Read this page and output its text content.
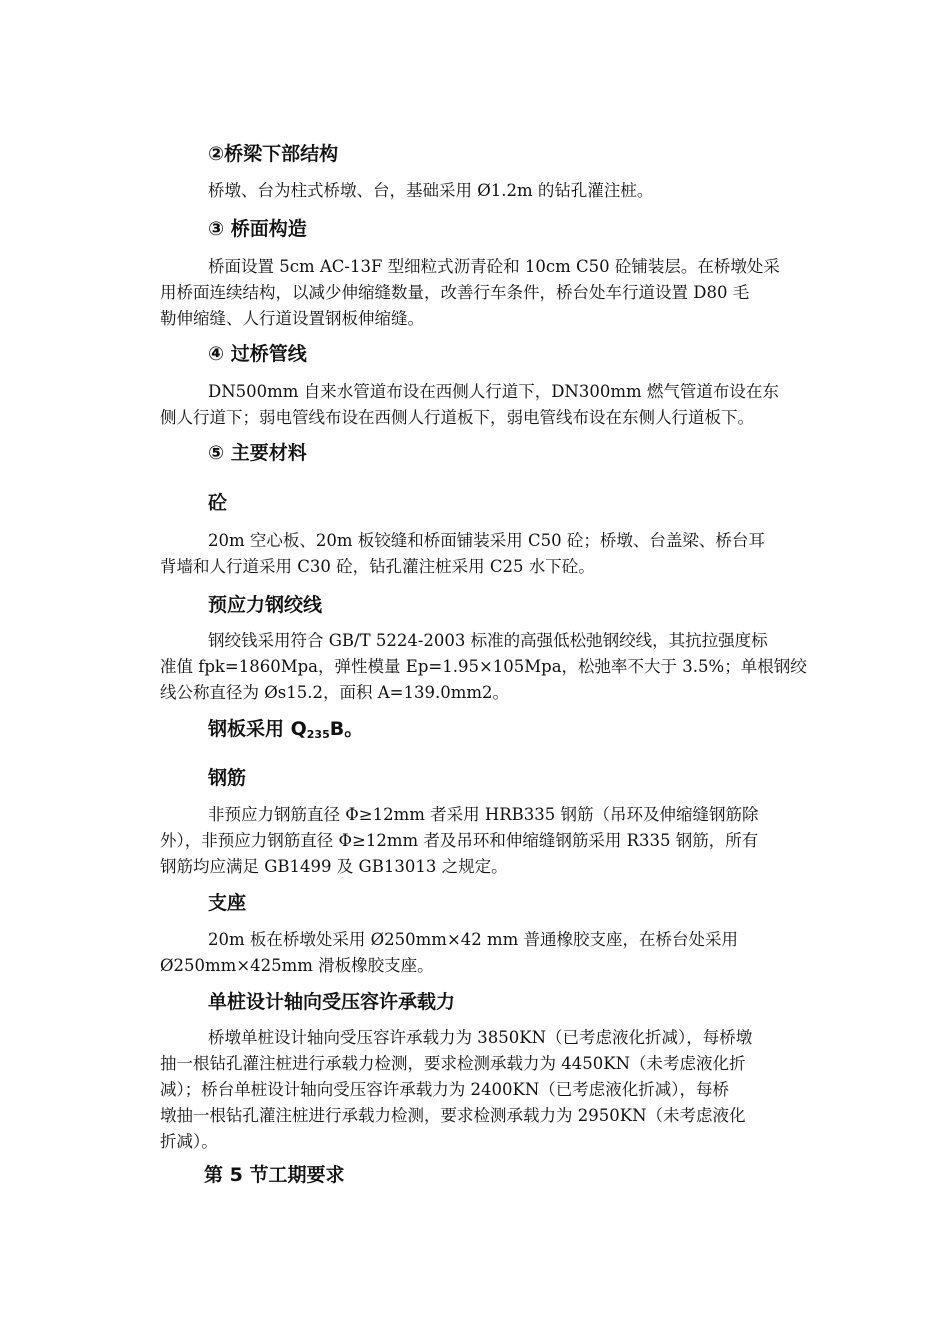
②桥梁下部结构
桥墩、台为柱式桥墩、台，基础采用 Ø1.2m 的钻孔灌注桩。
③ 桥面构造
桥面设置 5cm AC-13F 型细粒式沥青砼和 10cm C50 砼铺装层。在桥墩处采
用桥面连续结构，以减少伸缩缝数量，改善行车条件，桥台处车行道设置 D80 毛
勒伸缩缝、人行道设置钢板伸缩缝。
④ 过桥管线
DN500mm 自来水管道布设在西侧人行道下，DN300mm 燃气管道布设在东
侧人行道下；弱电管线布设在西侧人行道板下，弱电管线布设在东侧人行道板下。
⑤ 主要材料
砼
20m 空心板、20m 板铰缝和桥面铺装采用 C50 砼；桥墩、台盖梁、桥台耳
背墙和人行道采用 C30 砼，钻孔灌注桩采用 C25 水下砼。
预应力钢绞线
钢绞钱采用符合 GB/T 5224-2003 标准的高强低松弛钢绞线，其抗拉强度标
准值 fpk=1860Mpa，弹性模量 Ep=1.95×105Mpa，松弛率不大于 3.5%；单根钢绞
线公称直径为 Øs15.2，面积 A=139.0mm2。
钢板采用 $Q_{235}B$。
钢筋
非预应力钢筋直径 Φ≥12mm 者采用 HRB335 钢筋（吊环及伸缩缝钢筋除
外），非预应力钢筋直径 Φ≥12mm 者及吊环和伸缩缝钢筋采用 R335 钢筋，所有
钢筋均应满足 GB1499 及 GB13013 之规定。
支座
20m 板在桥墩处采用 Ø250mm×42 mm 普通橡胶支座，在桥台处采用
Ø250mm×425mm 滑板橡胶支座。
单桩设计轴向受压容许承载力
桥墩单桩设计轴向受压容许承载力为 3850KN（已考虑液化折减），每桥墩
抽一根钻孔灌注桩进行承载力检测，要求检测承载力为 4450KN（未考虑液化折
减）；桥台单桩设计轴向受压容许承载力为 2400KN（已考虑液化折减），每桥
墩抽一根钻孔灌注桩进行承载力检测，要求检测承载力为 2950KN（未考虑液化
折减）。
第 5 节工期要求
